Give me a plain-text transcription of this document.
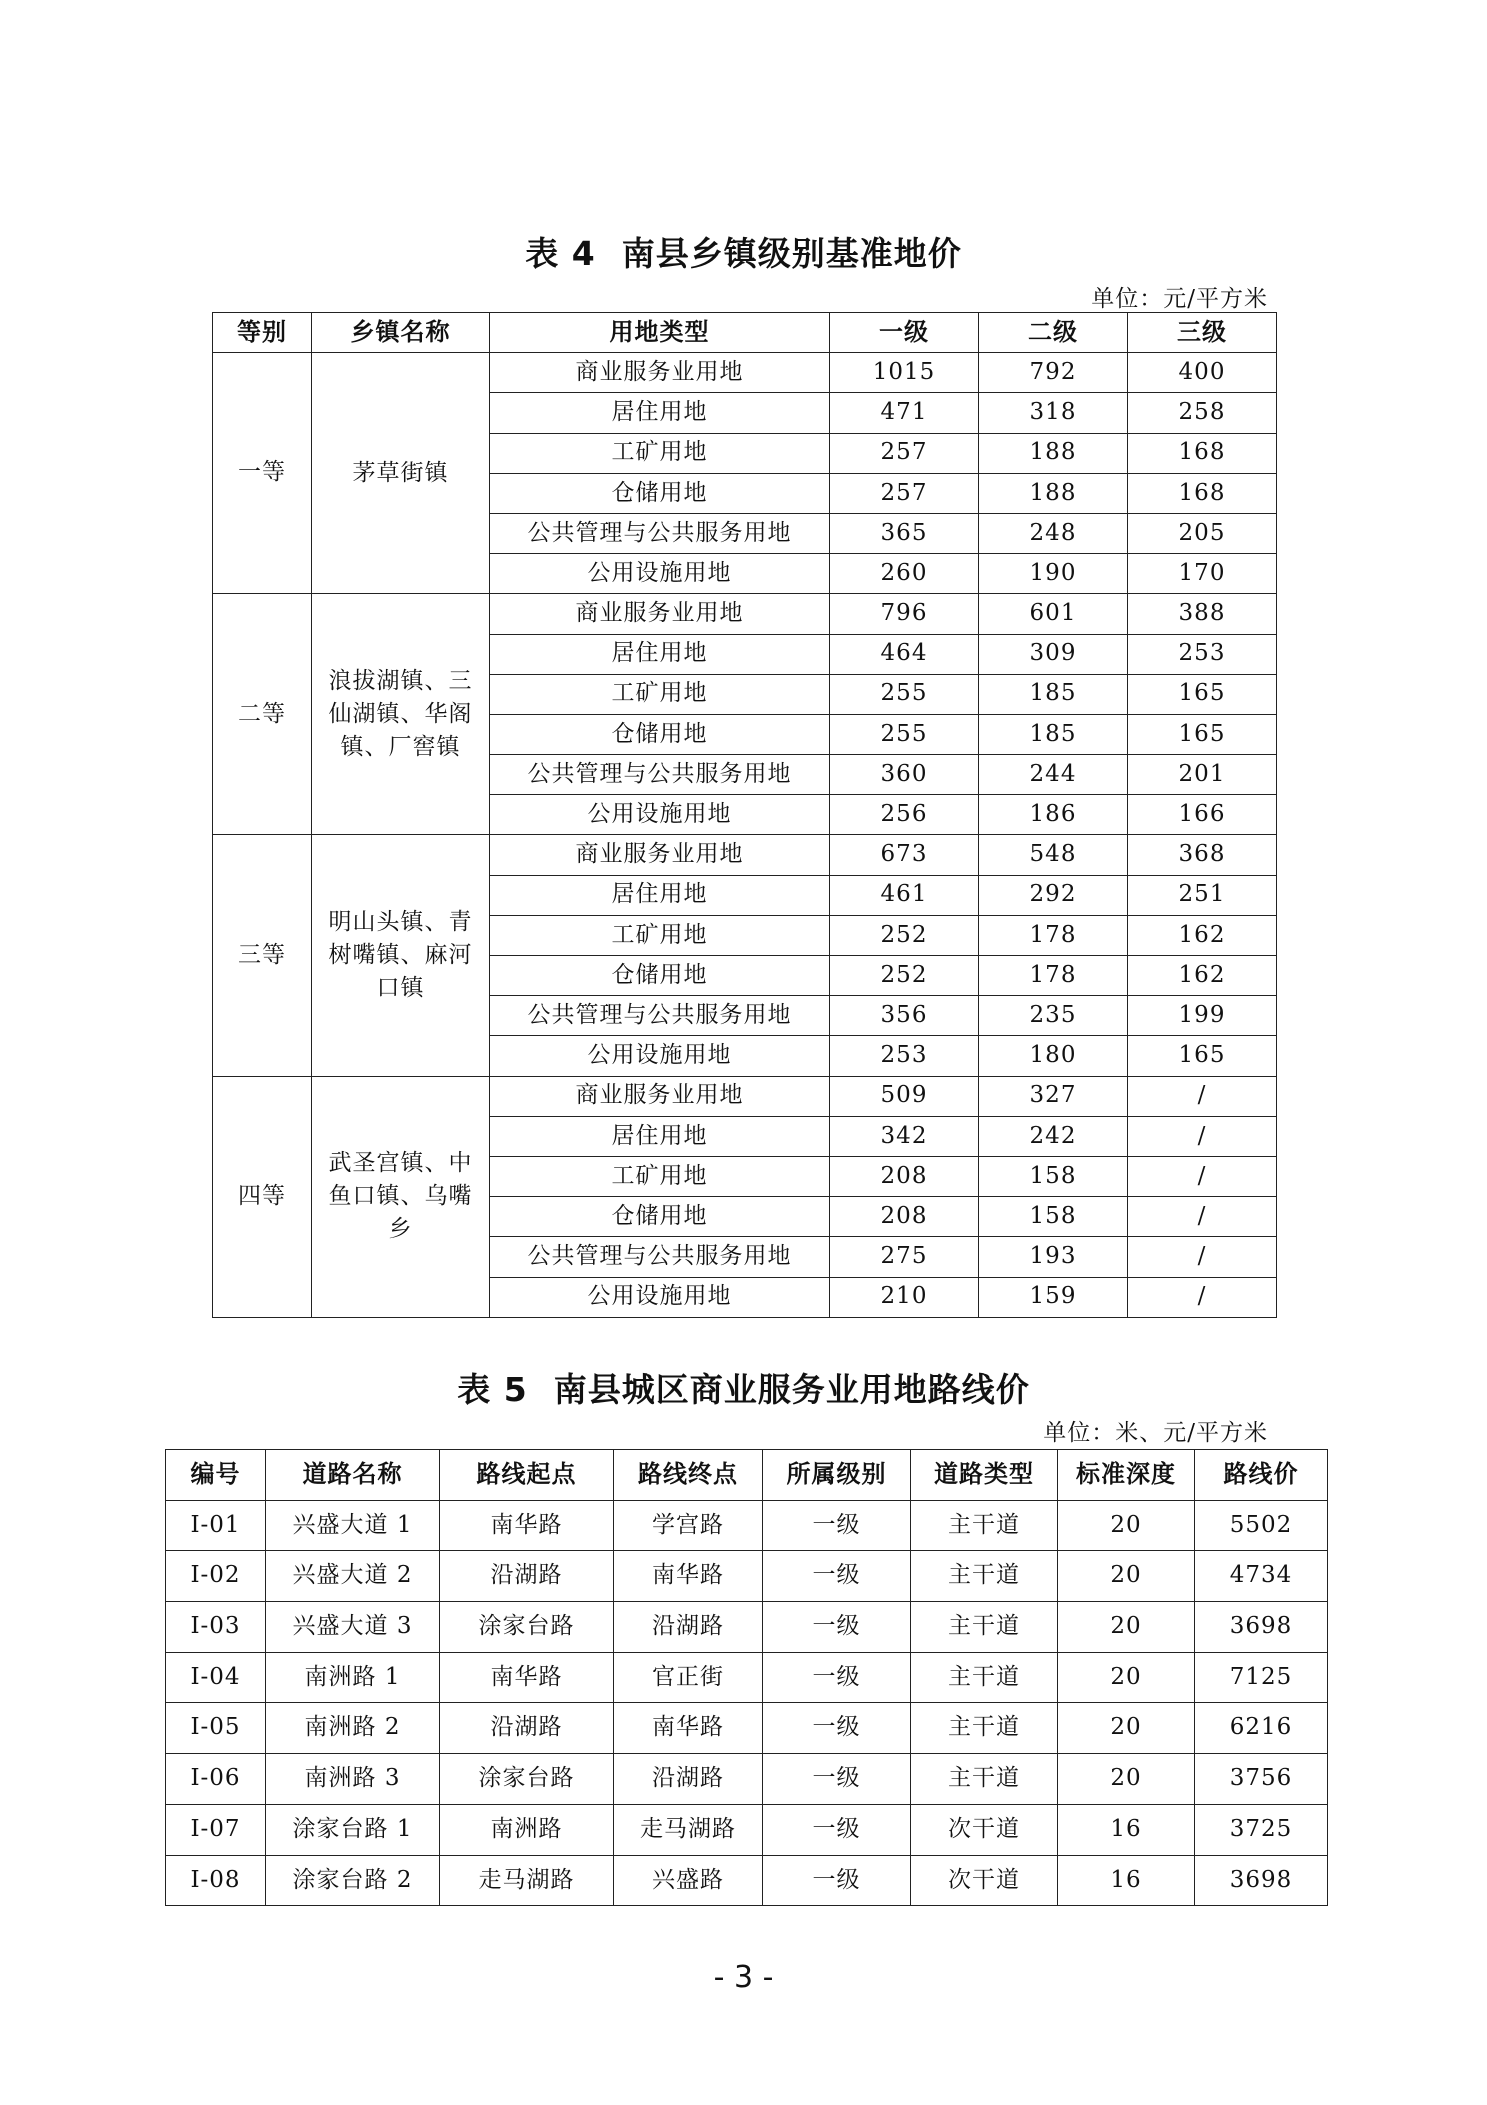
表 4 南县乡镇级别基准地价
单位：元/平方米
等别	乡镇名称	用地类型	一级	二级	三级
一等	茅草街镇	商业服务业用地	1015	792	400
		居住用地	471	318	258
		工矿用地	257	188	168
		仓储用地	257	188	168
		公共管理与公共服务用地	365	248	205
		公用设施用地	260	190	170
二等	浪拔湖镇、三仙湖镇、华阁镇、厂窖镇	商业服务业用地	796	601	388
		居住用地	464	309	253
		工矿用地	255	185	165
		仓储用地	255	185	165
		公共管理与公共服务用地	360	244	201
		公用设施用地	256	186	166
三等	明山头镇、青树嘴镇、麻河口镇	商业服务业用地	673	548	368
		居住用地	461	292	251
		工矿用地	252	178	162
		仓储用地	252	178	162
		公共管理与公共服务用地	356	235	199
		公用设施用地	253	180	165
四等	武圣宫镇、中鱼口镇、乌嘴乡	商业服务业用地	509	327	/
		居住用地	342	242	/
		工矿用地	208	158	/
		仓储用地	208	158	/
		公共管理与公共服务用地	275	193	/
		公用设施用地	210	159	/
表 5 南县城区商业服务业用地路线价
单位：米、元/平方米
编号	道路名称	路线起点	路线终点	所属级别	道路类型	标准深度	路线价
Ⅰ-01	兴盛大道 1	南华路	学宫路	一级	主干道	20	5502
Ⅰ-02	兴盛大道 2	沿湖路	南华路	一级	主干道	20	4734
Ⅰ-03	兴盛大道 3	涂家台路	沿湖路	一级	主干道	20	3698
Ⅰ-04	南洲路 1	南华路	官正街	一级	主干道	20	7125
Ⅰ-05	南洲路 2	沿湖路	南华路	一级	主干道	20	6216
Ⅰ-06	南洲路 3	涂家台路	沿湖路	一级	主干道	20	3756
Ⅰ-07	涂家台路 1	南洲路	走马湖路	一级	次干道	16	3725
Ⅰ-08	涂家台路 2	走马湖路	兴盛路	一级	次干道	16	3698
- 3 -
